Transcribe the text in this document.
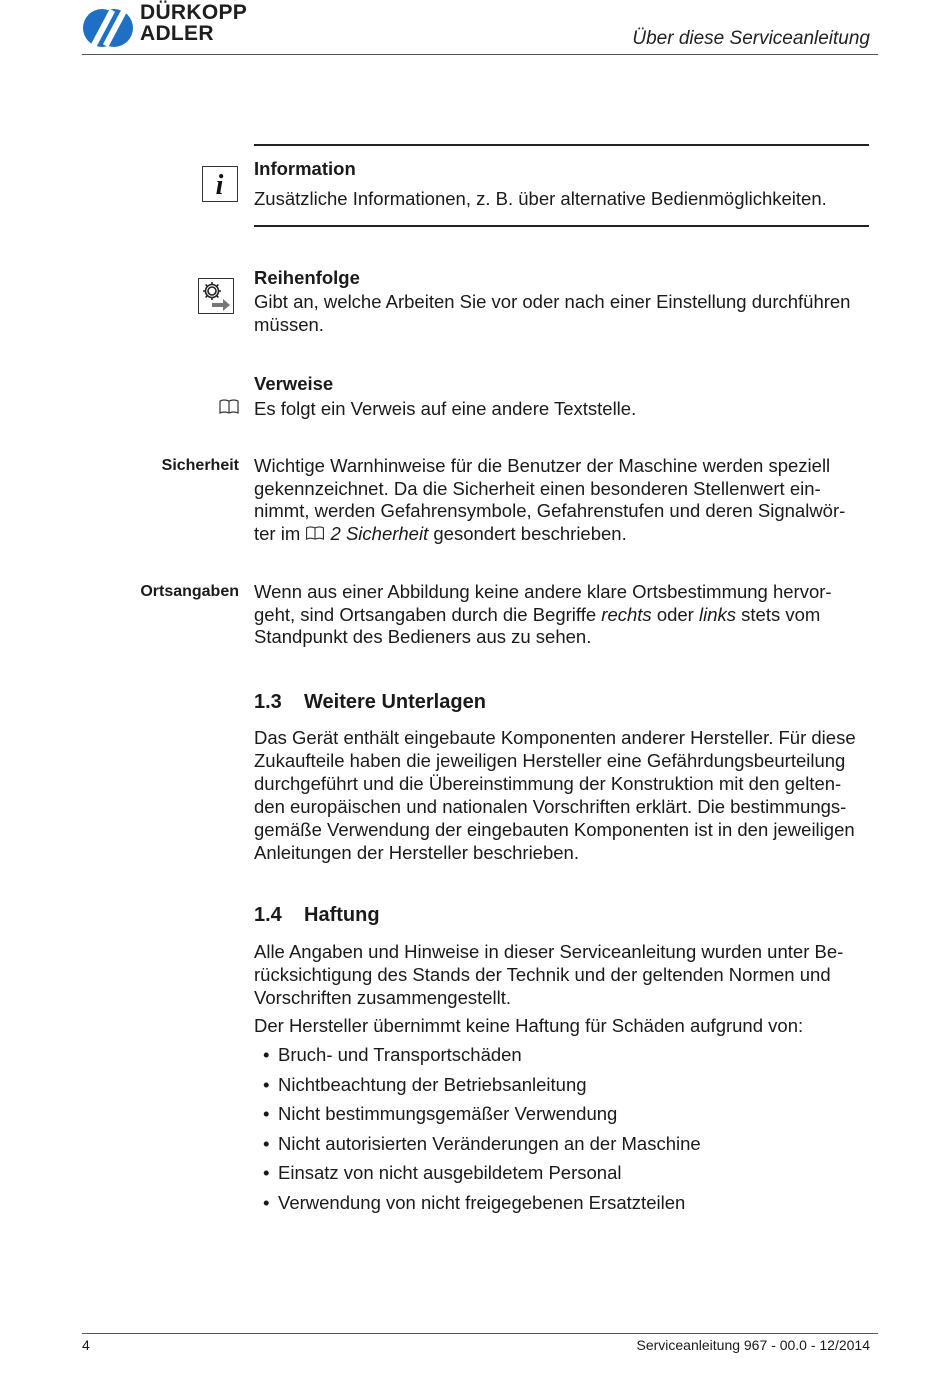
DÜRKOPP
ADLER	Über diese Serviceanleitung
i
Information
Zusätzliche Informationen, z. B. über alternative Bedienmöglichkeiten.
Reihenfolge
Gibt an, welche Arbeiten Sie vor oder nach einer Einstellung durchführen
müssen.
Verweise
Es folgt ein Verweis auf eine andere Textstelle.
Sicherheit Wichtige Warnhinweise für die Benutzer der Maschine werden speziell
gekennzeichnet. Da die Sicherheit einen besonderen Stellenwert ein-
nimmt, werden Gefahrensymbole, Gefahrenstufen und deren Signalwör-
ter im 2 Sicherheit gesondert beschrieben.
Ortsangaben Wenn aus einer Abbildung keine andere klare Ortsbestimmung hervor-
geht, sind Ortsangaben durch die Begriffe rechts oder links stets vom
Standpunkt des Bedieners aus zu sehen.
1.3 Weitere Unterlagen
Das Gerät enthält eingebaute Komponenten anderer Hersteller. Für diese
Zukaufteile haben die jeweiligen Hersteller eine Gefährdungsbeurteilung
durchgeführt und die Übereinstimmung der Konstruktion mit den gelten-
den europäischen und nationalen Vorschriften erklärt. Die bestimmungs-
gemäße Verwendung der eingebauten Komponenten ist in den jeweiligen
Anleitungen der Hersteller beschrieben.
1.4 Haftung
Alle Angaben und Hinweise in dieser Serviceanleitung wurden unter Be-
rücksichtigung des Stands der Technik und der geltenden Normen und
Vorschriften zusammengestellt.
Der Hersteller übernimmt keine Haftung für Schäden aufgrund von:
• Bruch- und Transportschäden
• Nichtbeachtung der Betriebsanleitung
• Nicht bestimmungsgemäßer Verwendung
• Nicht autorisierten Veränderungen an der Maschine
• Einsatz von nicht ausgebildetem Personal
• Verwendung von nicht freigegebenen Ersatzteilen
4	Serviceanleitung 967 - 00.0 - 12/2014
